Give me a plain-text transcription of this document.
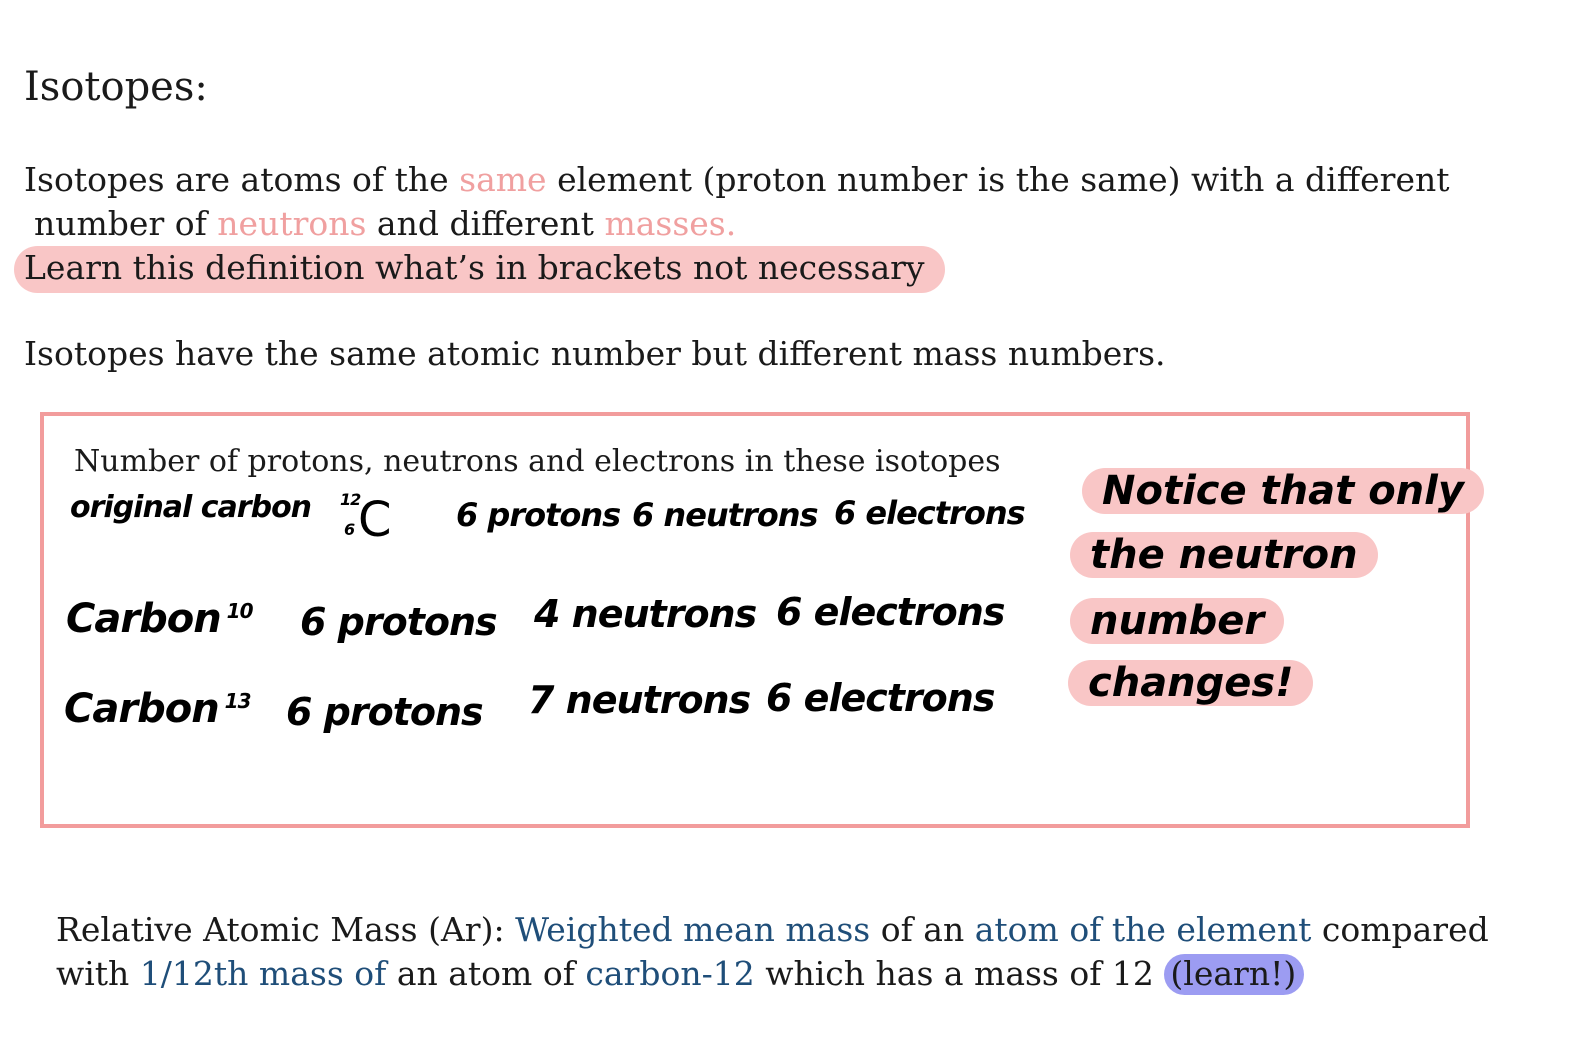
Isotopes:
Isotopes are atoms of the same element (proton number is the same) with a different
number of neutrons and different masses.
Learn this definition what’s in brackets not necessary
Isotopes have the same atomic number but different mass numbers.
Number of protons, neutrons and electrons in these isotopes
original carbon 12
6 C 6 protons 6 neutrons 6 electrons
Carbon $^{10}$ 6 protons 4 neutrons 6 electrons
Carbon $^{13}$ 6 protons 7 neutrons 6 electrons
Notice that only
the neutron
number
changes!
Relative Atomic Mass (Ar): Weighted mean mass of an atom of the element compared
with 1/12th mass of an atom of carbon-12 which has a mass of 12 (learn!)
